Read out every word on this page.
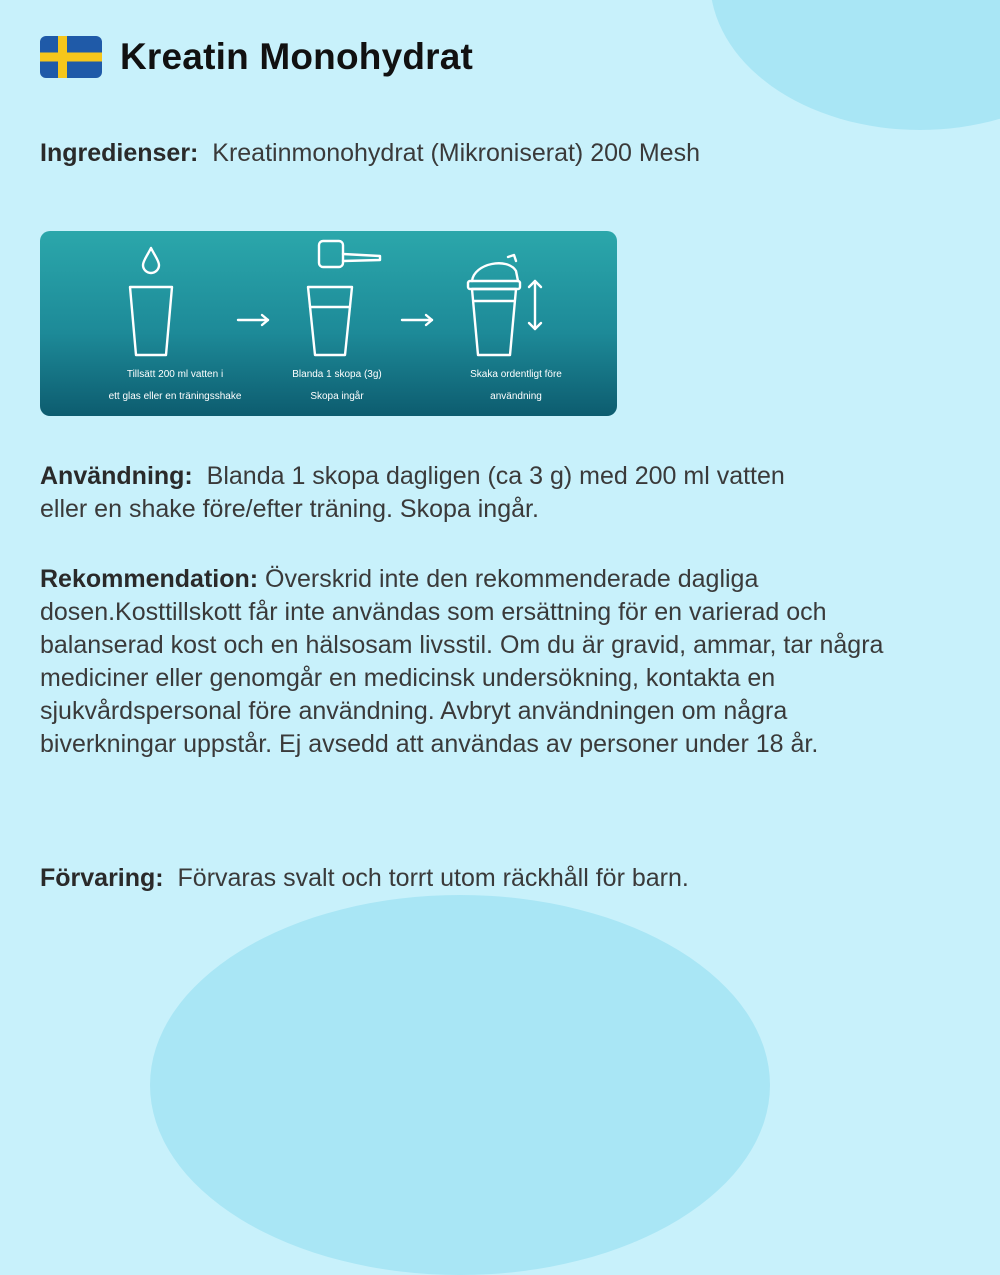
Kreatin Monohydrat

Ingredienser: Kreatinmonohydrat (Mikroniserat) 200 Mesh

Tillsätt 200 ml vatten i
ett glas eller en träningsshake

Blanda 1 skopa (3g)
Skopa ingår

Skaka ordentligt före
användning

Användning: Blanda 1 skopa dagligen (ca 3 g) med 200 ml vatten eller en shake före/efter träning. Skopa ingår.

Rekommendation: Överskrid inte den rekommenderade dagliga dosen.Kosttillskott får inte användas som ersättning för en varierad och balanserad kost och en hälsosam livsstil. Om du är gravid, ammar, tar några mediciner eller genomgår en medicinsk undersökning, kontakta en sjukvårdspersonal före användning. Avbryt användningen om några biverkningar uppstår. Ej avsedd att användas av personer under 18 år.

Förvaring: Förvaras svalt och torrt utom räckhåll för barn.
